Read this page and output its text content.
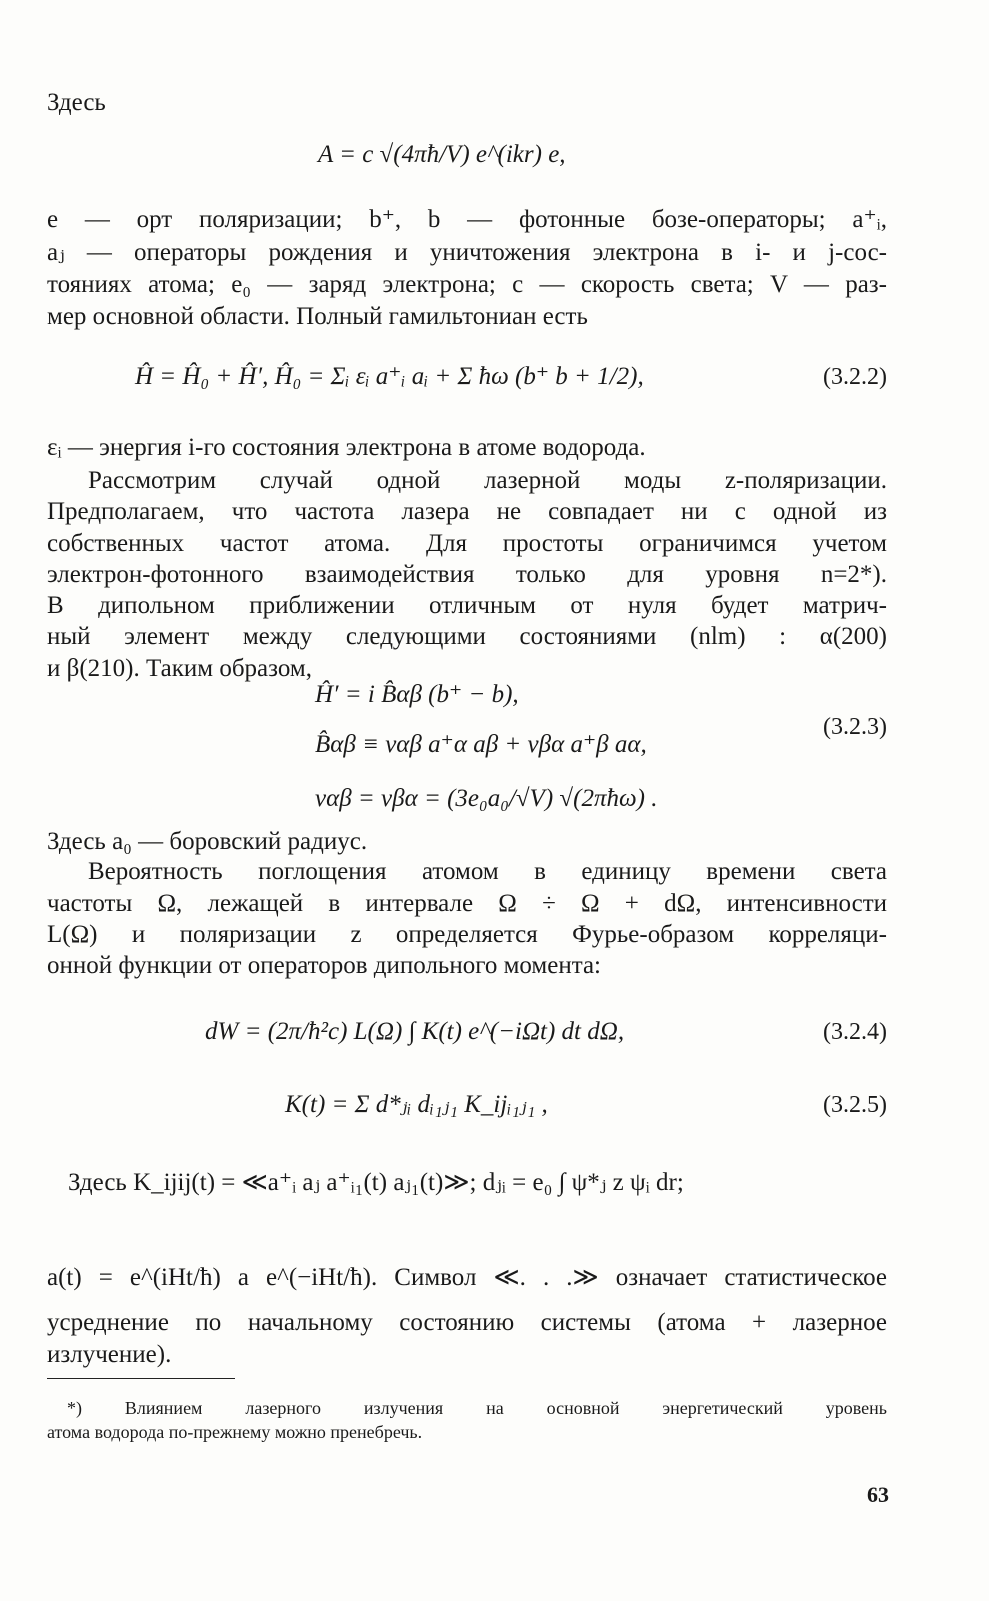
Здесь
A = c √(4πħ/V) e^(ikr) e,
e — орт поляризации; b⁺, b — фотонные бозе-операторы; a⁺ᵢ,
aⱼ — операторы рождения и уничтожения электрона в i- и j-сос-
тояниях атома; e₀ — заряд электрона; c — скорость света; V — раз-
мер основной области. Полный гамильтониан есть
Ĥ = Ĥ₀ + Ĥ′, Ĥ₀ = Σᵢ εᵢ a⁺ᵢ aᵢ + Σ ħω (b⁺ b + 1/2),	(3.2.2)
εᵢ — энергия i-го состояния электрона в атоме водорода.
Рассмотрим случай одной лазерной моды z-поляризации.
Предполагаем, что частота лазера не совпадает ни с одной из
собственных частот атома. Для простоты ограничимся учетом
электрон-фотонного взаимодействия только для уровня n=2*).
В дипольном приближении отличным от нуля будет матрич-
ный элемент между следующими состояниями (nlm) : α(200)
и β(210). Таким образом,
Ĥ′ = i B̂αβ (b⁺ − b),
B̂αβ ≡ vαβ a⁺α aβ + vβα a⁺β aα,
vαβ = vβα = (3e₀a₀/√V) √(2πħω) .
(3.2.3)
Здесь a₀ — боровский радиус.
Вероятность поглощения атомом в единицу времени света
частоты Ω, лежащей в интервале Ω ÷ Ω + dΩ, интенсивности
L(Ω) и поляризации z определяется Фурье-образом корреляци-
онной функции от операторов дипольного момента:
dW = (2π/ħ²c) L(Ω) ∫ K(t) e^(−iΩt) dt dΩ,	(3.2.4)
K(t) = Σ d*ⱼᵢ dᵢ₁ⱼ₁ K_ijᵢ₁ⱼ₁ ,	(3.2.5)
Здесь K_ijij(t) = ≪a⁺ᵢ aⱼ a⁺ᵢ₁(t) aⱼ₁(t)≫; dⱼᵢ = e₀ ∫ ψ*ⱼ z ψᵢ dr;
a(t) = e^(iHt/ħ) a e^(−iHt/ħ). Символ ≪. . .≫ означает статистическое
усреднение по начальному состоянию системы (атома + лазерное
излучение).
*) Влиянием лазерного излучения на основной энергетический уровень
атома водорода по-прежнему можно пренебречь.
63
